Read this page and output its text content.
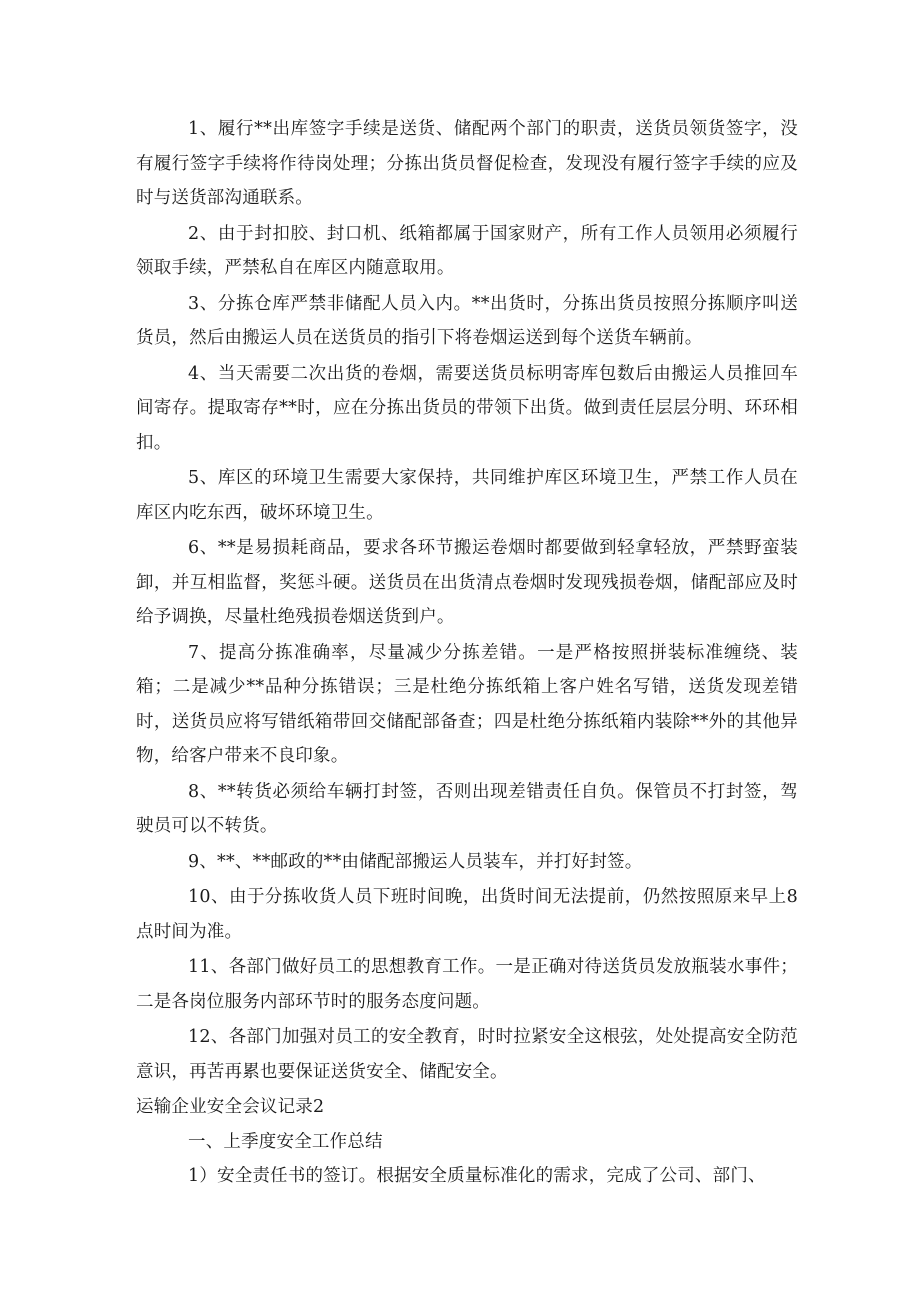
1、履行**出库签字手续是送货、储配两个部门的职责，送货员领货签字，没有履行签字手续将作待岗处理；分拣出货员督促检查，发现没有履行签字手续的应及时与送货部沟通联系。

2、由于封扣胶、封口机、纸箱都属于国家财产，所有工作人员领用必须履行领取手续，严禁私自在库区内随意取用。

3、分拣仓库严禁非储配人员入内。**出货时，分拣出货员按照分拣顺序叫送货员，然后由搬运人员在送货员的指引下将卷烟运送到每个送货车辆前。

4、当天需要二次出货的卷烟，需要送货员标明寄库包数后由搬运人员推回车间寄存。提取寄存**时，应在分拣出货员的带领下出货。做到责任层层分明、环环相扣。

5、库区的环境卫生需要大家保持，共同维护库区环境卫生，严禁工作人员在库区内吃东西，破坏环境卫生。

6、**是易损耗商品，要求各环节搬运卷烟时都要做到轻拿轻放，严禁野蛮装卸，并互相监督，奖惩斗硬。送货员在出货清点卷烟时发现残损卷烟，储配部应及时给予调换，尽量杜绝残损卷烟送货到户。

7、提高分拣准确率，尽量减少分拣差错。一是严格按照拼装标准缠绕、装箱；二是减少**品种分拣错误；三是杜绝分拣纸箱上客户姓名写错，送货发现差错时，送货员应将写错纸箱带回交储配部备查；四是杜绝分拣纸箱内装除**外的其他异物，给客户带来不良印象。

8、**转货必须给车辆打封签，否则出现差错责任自负。保管员不打封签，驾驶员可以不转货。

9、**、**邮政的**由储配部搬运人员装车，并打好封签。

10、由于分拣收货人员下班时间晚，出货时间无法提前，仍然按照原来早上8点时间为准。

11、各部门做好员工的思想教育工作。一是正确对待送货员发放瓶装水事件；二是各岗位服务内部环节时的服务态度问题。

12、各部门加强对员工的安全教育，时时拉紧安全这根弦，处处提高安全防范意识，再苦再累也要保证送货安全、储配安全。

运输企业安全会议记录2

一、上季度安全工作总结

1）安全责任书的签订。根据安全质量标准化的需求，完成了公司、部门、
